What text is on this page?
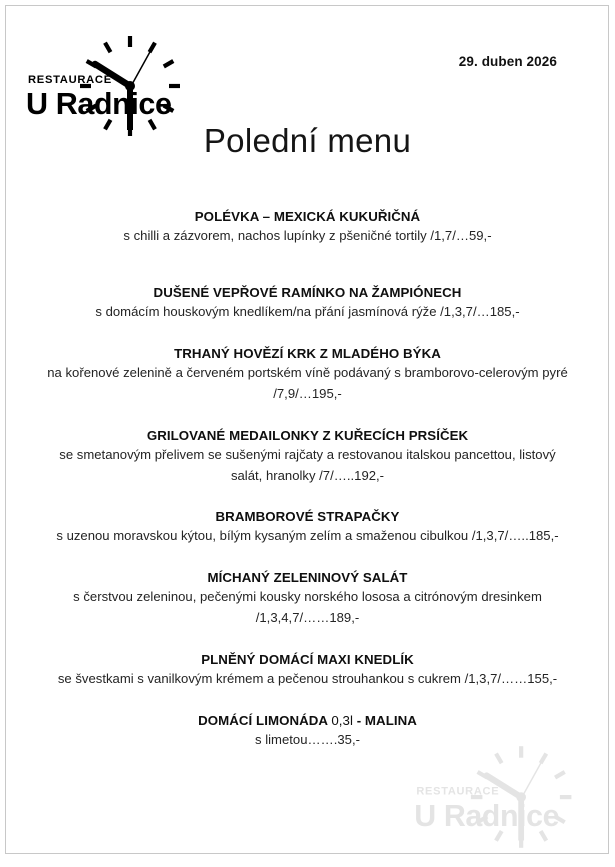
RESTAURACE
U Radnice
29. duben 2026
Polední menu
POLÉVKA – MEXICKÁ KUKUŘIČNÁ
s chilli a zázvorem, nachos lupínky z pšeničné tortily /1,7/…59,-
DUŠENÉ VEPŘOVÉ RAMÍNKO NA ŽAMPIÓNECH
s domácím houskovým knedlíkem/na přání jasmínová rýže /1,3,7/…185,-
TRHANÝ HOVĚZÍ KRK Z MLADÉHO BÝKA
na kořenové zelenině a červeném portském víně podávaný s bramborovo-celerovým pyré /7,9/…195,-
GRILOVANÉ MEDAILONKY Z KUŘECÍCH PRSÍČEK
se smetanovým přelivem se sušenými rajčaty a restovanou italskou pancettou, listový salát, hranolky /7/…..192,-
BRAMBOROVÉ STRAPAČKY
s uzenou moravskou kýtou, bílým kysaným zelím a smaženou cibulkou /1,3,7/…..185,-
MÍCHANÝ ZELENINOVÝ SALÁT
s čerstvou zeleninou, pečenými kousky norského lososa a citrónovým dresinkem /1,3,4,7/……189,-
PLNĚNÝ DOMÁCÍ MAXI KNEDLÍK
se švestkami s vanilkovým krémem a pečenou strouhankou s cukrem /1,3,7/……155,-
DOMÁCÍ LIMONÁDA 0,3l - MALINA
s limetou…….35,-
RESTAURACE
U Radnice
